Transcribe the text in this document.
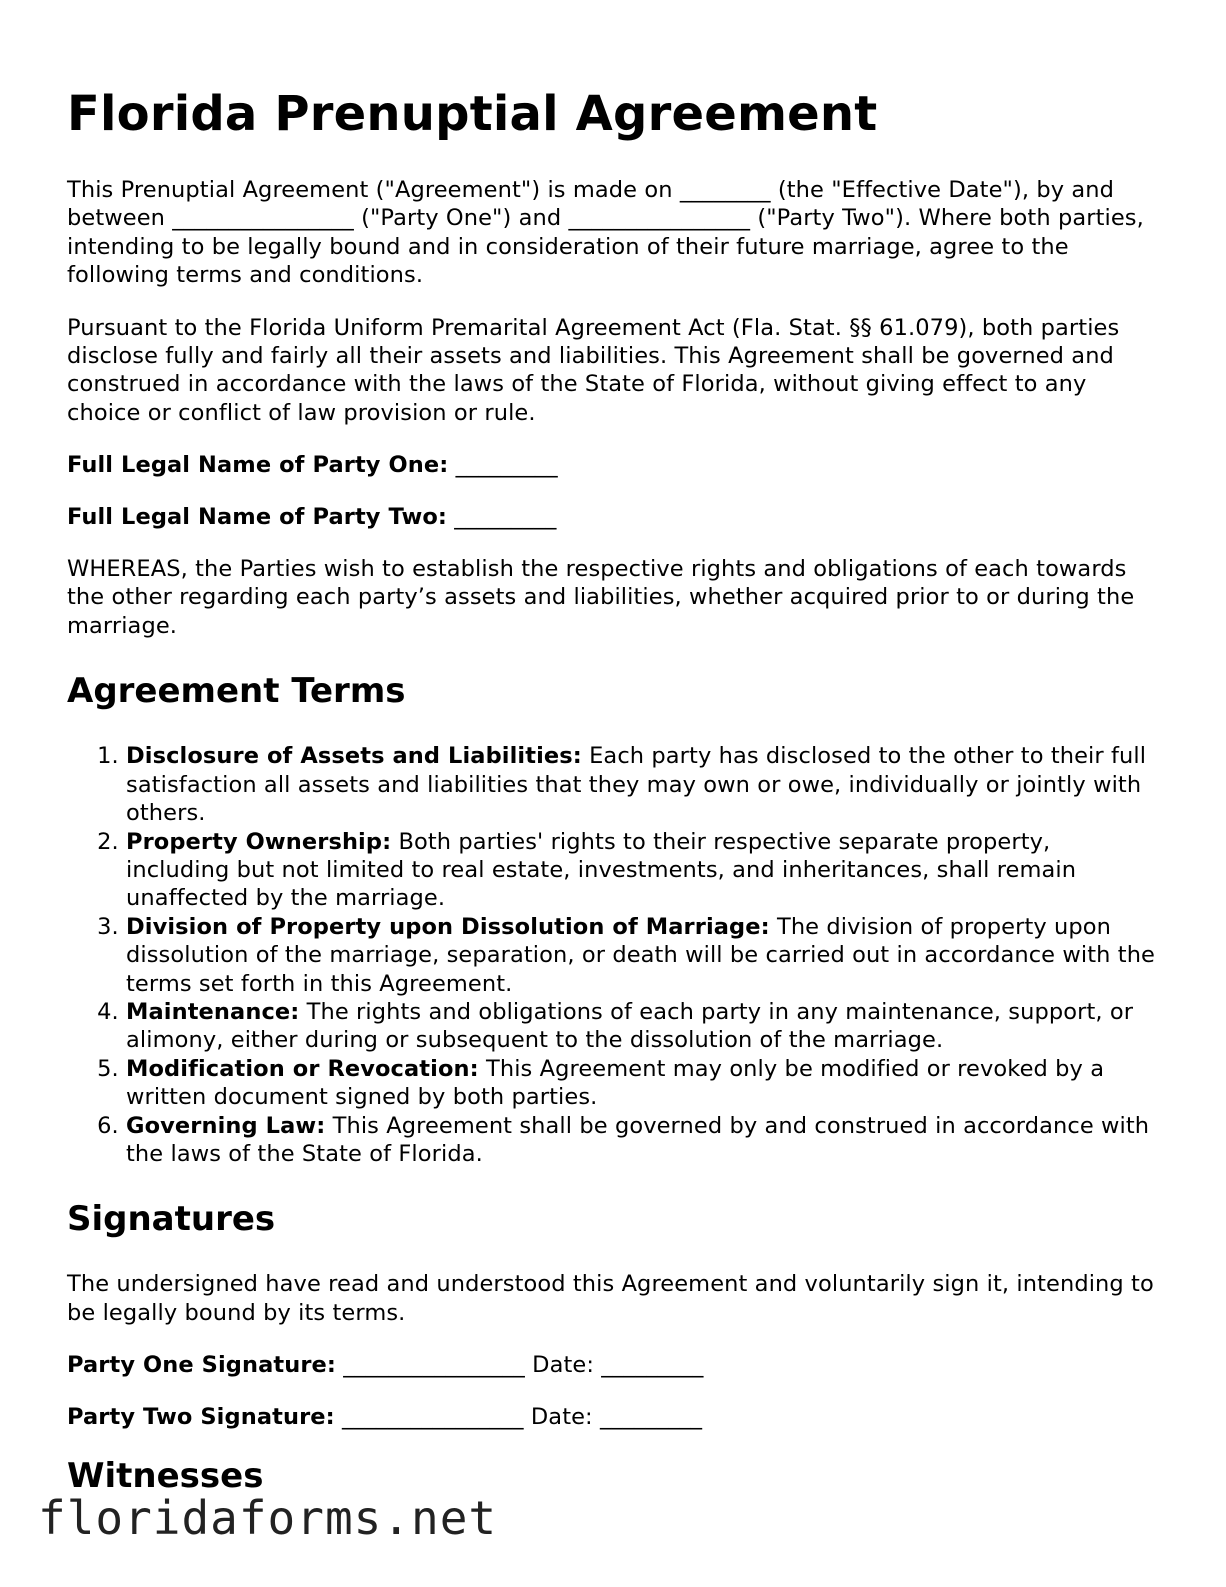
Florida Prenuptial Agreement

This Prenuptial Agreement ("Agreement") is made on ________ (the "Effective Date"), by and between ________________ ("Party One") and ________________ ("Party Two"). Where both parties, intending to be legally bound and in consideration of their future marriage, agree to the following terms and conditions.

Pursuant to the Florida Uniform Premarital Agreement Act (Fla. Stat. §§ 61.079), both parties disclose fully and fairly all their assets and liabilities. This Agreement shall be governed and construed in accordance with the laws of the State of Florida, without giving effect to any choice or conflict of law provision or rule.

Full Legal Name of Party One: _________

Full Legal Name of Party Two: _________

WHEREAS, the Parties wish to establish the respective rights and obligations of each towards the other regarding each party’s assets and liabilities, whether acquired prior to or during the marriage.

Agreement Terms
1. Disclosure of Assets and Liabilities: Each party has disclosed to the other to their full satisfaction all assets and liabilities that they may own or owe, individually or jointly with others.
2. Property Ownership: Both parties' rights to their respective separate property, including but not limited to real estate, investments, and inheritances, shall remain unaffected by the marriage.
3. Division of Property upon Dissolution of Marriage: The division of property upon dissolution of the marriage, separation, or death will be carried out in accordance with the terms set forth in this Agreement.
4. Maintenance: The rights and obligations of each party in any maintenance, support, or alimony, either during or subsequent to the dissolution of the marriage.
5. Modification or Revocation: This Agreement may only be modified or revoked by a written document signed by both parties.
6. Governing Law: This Agreement shall be governed by and construed in accordance with the laws of the State of Florida.
Signatures

The undersigned have read and understood this Agreement and voluntarily sign it, intending to be legally bound by its terms.

Party One Signature: ________________ Date: _________

Party Two Signature: ________________ Date: _________

Witnesses
floridaforms.net
